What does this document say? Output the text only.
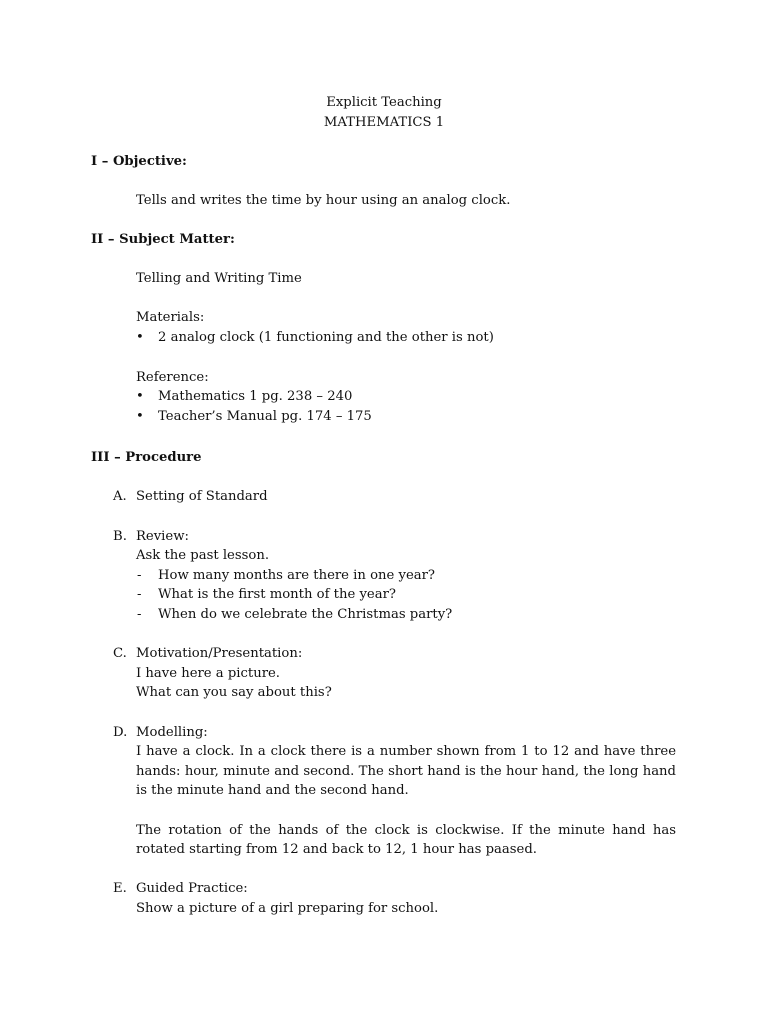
Explicit Teaching
MATHEMATICS 1
I – Objective:
Tells and writes the time by hour using an analog clock.
II – Subject Matter:
Telling and Writing Time
Materials:
• 2 analog clock (1 functioning and the other is not)
Reference:
• Mathematics 1 pg. 238 – 240
• Teacher’s Manual pg. 174 – 175
III – Procedure
A. Setting of Standard
B. Review:
Ask the past lesson.
- How many months are there in one year?
- What is the first month of the year?
- When do we celebrate the Christmas party?
C. Motivation/Presentation:
I have here a picture.
What can you say about this?
D. Modelling:
I have a clock. In a clock there is a number shown from 1 to 12 and have three hands: hour, minute and second. The short hand is the hour hand, the long hand is the minute hand and the second hand.
The rotation of the hands of the clock is clockwise. If the minute hand has rotated starting from 12 and back to 12, 1 hour has paased.
E. Guided Practice:
Show a picture of a girl preparing for school.
